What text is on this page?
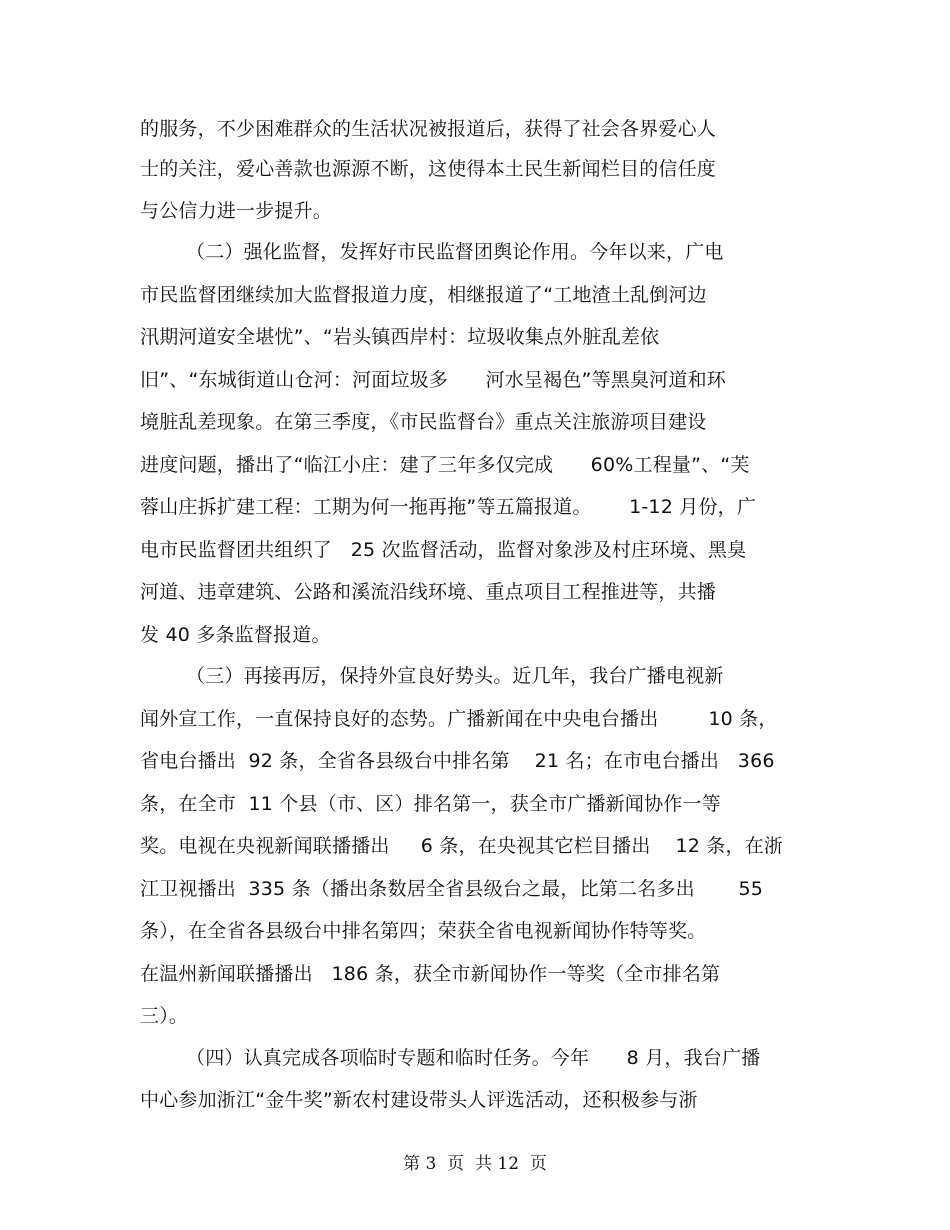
的服务，不少困难群众的生活状况被报道后，获得了社会各界爱心人
士的关注，爱心善款也源源不断，这使得本土民生新闻栏目的信任度
与公信力进一步提升。
（二）强化监督，发挥好市民监督团舆论作用。今年以来，广电
市民监督团继续加大监督报道力度，相继报道了“工地渣土乱倒河边
汛期河道安全堪忧”、“岩头镇西岸村：垃圾收集点外脏乱差依
旧”、“东城街道山仓河：河面垃圾多      河水呈褐色”等黑臭河道和环
境脏乱差现象。在第三季度，《市民监督台》重点关注旅游项目建设
进度问题，播出了“临江小庄：建了三年多仅完成      60%工程量”、“芙
蓉山庄拆扩建工程：工期为何一拖再拖”等五篇报道。      1-12 月份，广
电市民监督团共组织了   25 次监督活动，监督对象涉及村庄环境、黑臭
河道、违章建筑、公路和溪流沿线环境、重点项目工程推进等，共播
发 40 多条监督报道。
（三）再接再厉，保持外宣良好势头。近几年，我台广播电视新
闻外宣工作，一直保持良好的态势。广播新闻在中央电台播出        10 条，
省电台播出  92 条，全省各县级台中排名第    21 名；在市电台播出   366
条，在全市  11 个县（市、区）排名第一，获全市广播新闻协作一等
奖。电视在央视新闻联播播出     6 条，在央视其它栏目播出    12 条，在浙
江卫视播出  335 条（播出条数居全省县级台之最，比第二名多出       55
条），在全省各县级台中排名第四；荣获全省电视新闻协作特等奖。
在温州新闻联播播出   186 条，获全市新闻协作一等奖（全市排名第
三）。
（四）认真完成各项临时专题和临时任务。今年      8 月，我台广播
中心参加浙江“金牛奖”新农村建设带头人评选活动，还积极参与浙
第 3  页  共 12  页
